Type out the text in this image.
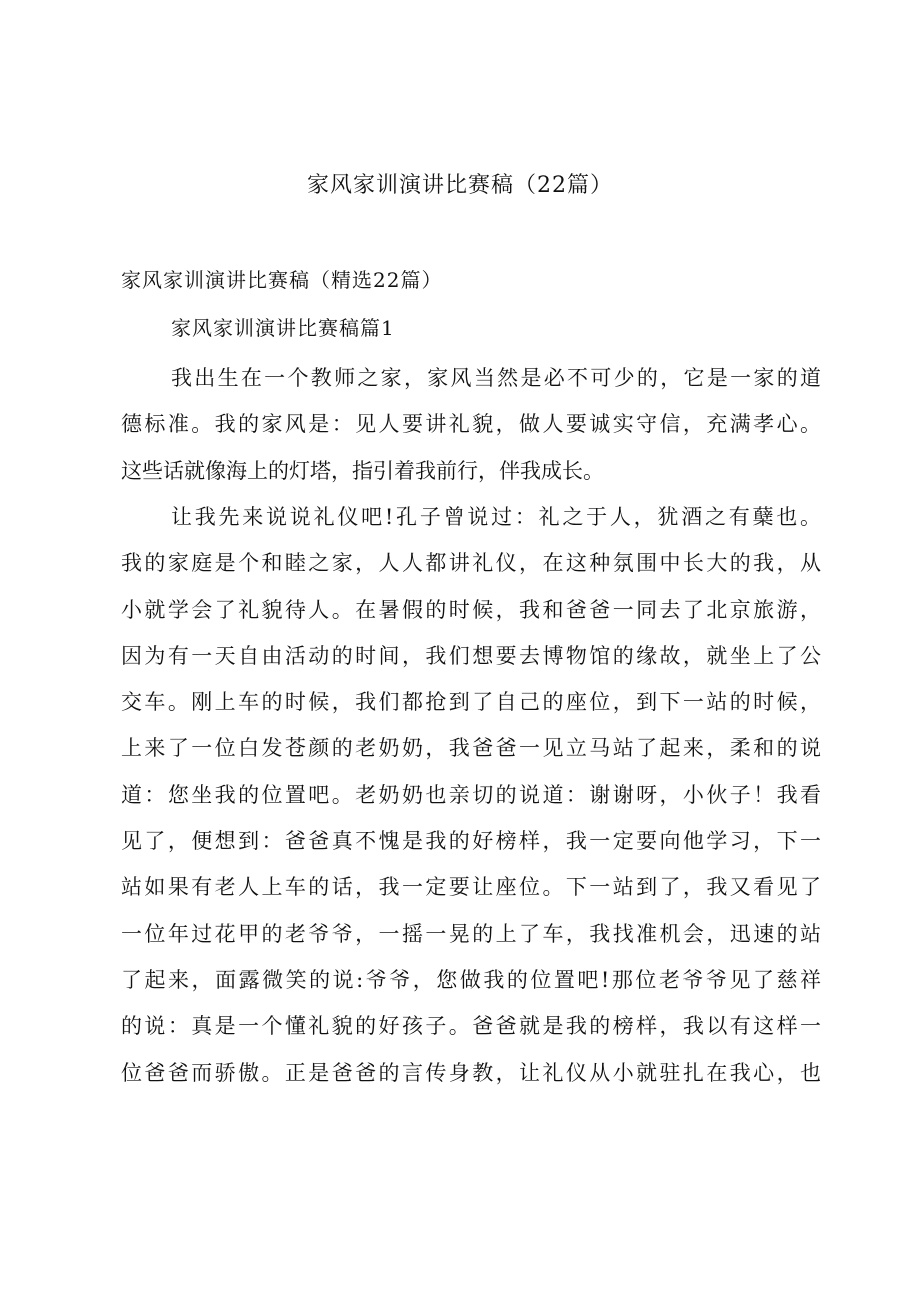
家风家训演讲比赛稿（22篇）

家风家训演讲比赛稿（精选22篇）

家风家训演讲比赛稿篇1

我出生在一个教师之家，家风当然是必不可少的，它是一家的道
德标准。我的家风是：见人要讲礼貌，做人要诚实守信，充满孝心。
这些话就像海上的灯塔，指引着我前行，伴我成长。
让我先来说说礼仪吧!孔子曾说过：礼之于人，犹酒之有蘖也。
我的家庭是个和睦之家，人人都讲礼仪，在这种氛围中长大的我，从
小就学会了礼貌待人。在暑假的时候，我和爸爸一同去了北京旅游，
因为有一天自由活动的时间，我们想要去博物馆的缘故，就坐上了公
交车。刚上车的时候，我们都抢到了自己的座位，到下一站的时候，
上来了一位白发苍颜的老奶奶，我爸爸一见立马站了起来，柔和的说
道：您坐我的位置吧。老奶奶也亲切的说道：谢谢呀，小伙子！我看
见了，便想到：爸爸真不愧是我的好榜样，我一定要向他学习，下一
站如果有老人上车的话，我一定要让座位。下一站到了，我又看见了
一位年过花甲的老爷爷，一摇一晃的上了车，我找准机会，迅速的站
了起来，面露微笑的说:爷爷，您做我的位置吧!那位老爷爷见了慈祥
的说：真是一个懂礼貌的好孩子。爸爸就是我的榜样，我以有这样一
位爸爸而骄傲。正是爸爸的言传身教，让礼仪从小就驻扎在我心，也
